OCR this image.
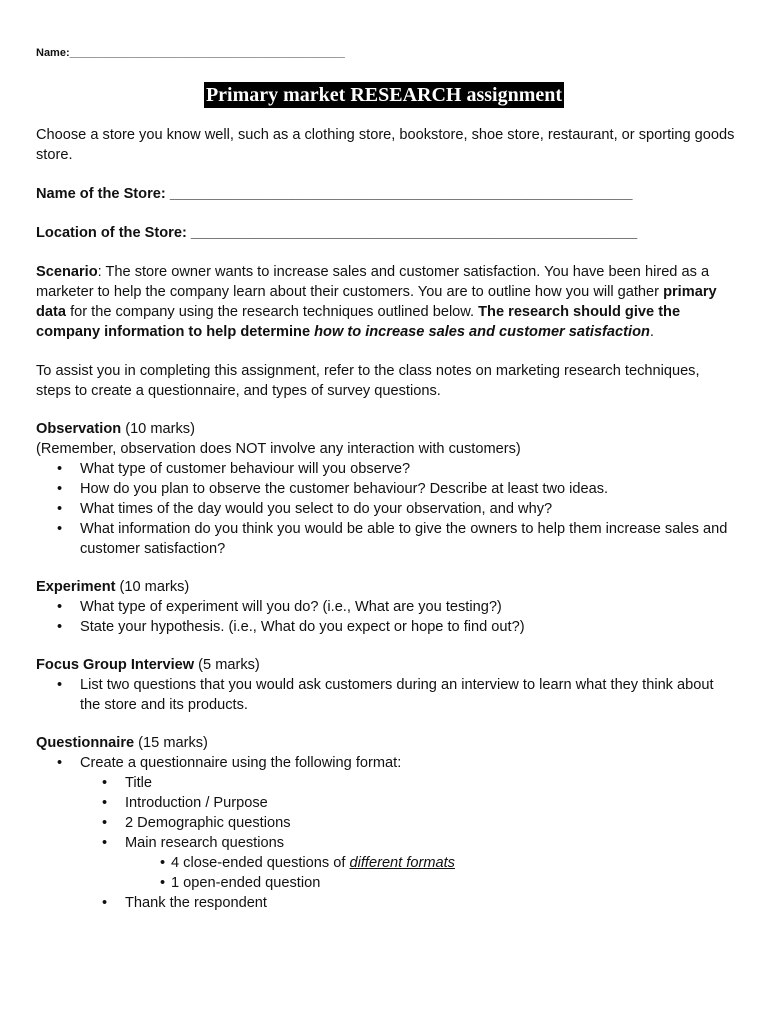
Name:_____________________________________________
Primary market RESEARCH assignment

Choose a store you know well, such as a clothing store, bookstore, shoe store, restaurant, or sporting goods store.

Name of the Store: _________________________________________________________

Location of the Store: _______________________________________________________

Scenario: The store owner wants to increase sales and customer satisfaction. You have been hired as a marketer to help the company learn about their customers. You are to outline how you will gather primary data for the company using the research techniques outlined below. The research should give the company information to help determine how to increase sales and customer satisfaction.

To assist you in completing this assignment, refer to the class notes on marketing research techniques, steps to create a questionnaire, and types of survey questions.

Observation (10 marks)

(Remember, observation does NOT involve any interaction with customers)

• What type of customer behaviour will you observe?
• How do you plan to observe the customer behaviour? Describe at least two ideas.
• What times of the day would you select to do your observation, and why?
• What information do you think you would be able to give the owners to help them increase sales and customer satisfaction?

Experiment (10 marks)

• What type of experiment will you do? (i.e., What are you testing?)
• State your hypothesis. (i.e., What do you expect or hope to find out?)

Focus Group Interview (5 marks)

• List two questions that you would ask customers during an interview to learn what they think about the store and its products.

Questionnaire (15 marks)

• Create a questionnaire using the following format:
• Title
• Introduction / Purpose
• 2 Demographic questions
• Main research questions
• 4 close-ended questions of different formats
• 1 open-ended question
• Thank the respondent
